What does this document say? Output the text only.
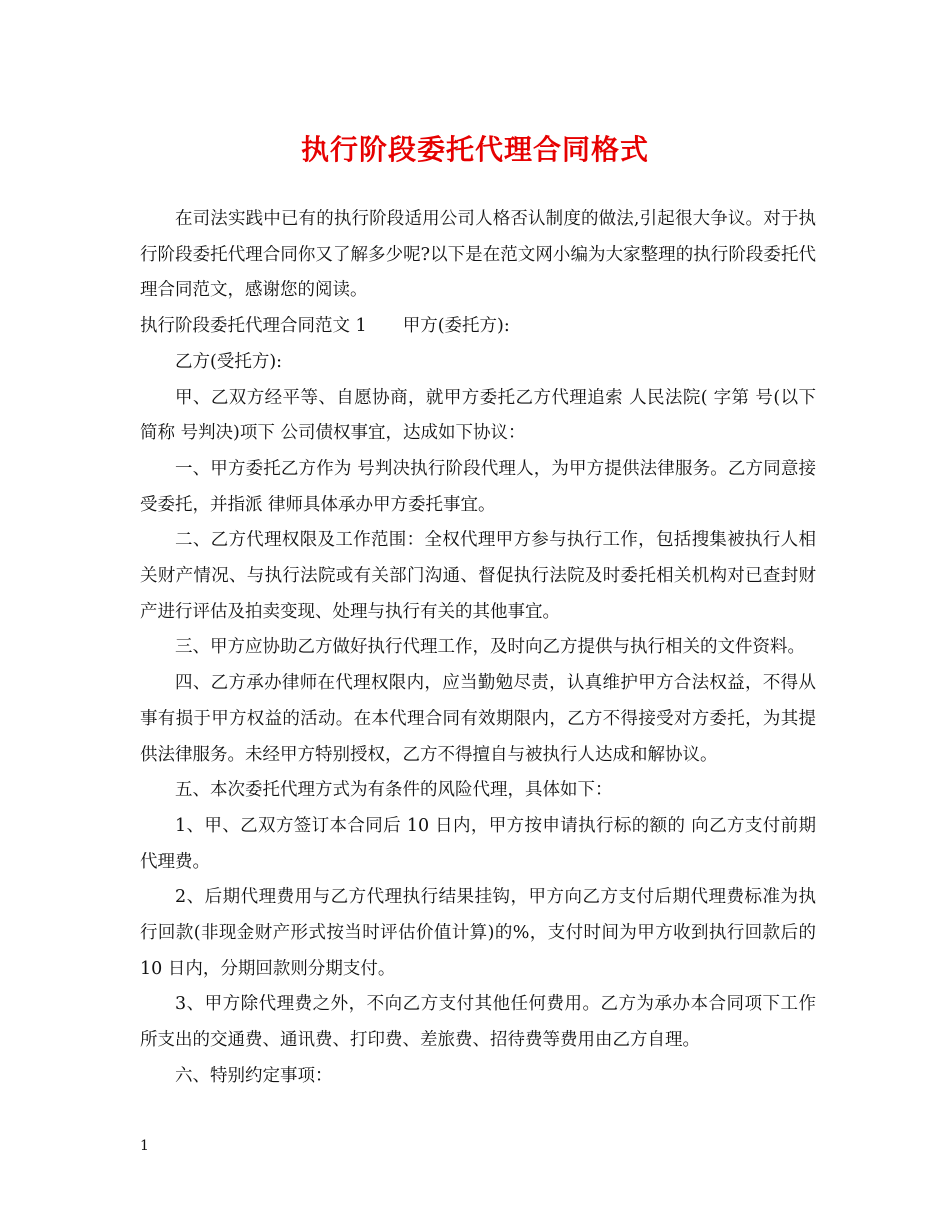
执行阶段委托代理合同格式

在司法实践中已有的执行阶段适用公司人格否认制度的做法,引起很大争议。对于执行阶段委托代理合同你又了解多少呢?以下是在范文网小编为大家整理的执行阶段委托代理合同范文，感谢您的阅读。

执行阶段委托代理合同范文 1 甲方(委托方):

乙方(受托方):

甲、乙双方经平等、自愿协商，就甲方委托乙方代理追索 人民法院( 字第 号(以下简称 号判决)项下 公司债权事宜，达成如下协议：

一、甲方委托乙方作为 号判决执行阶段代理人，为甲方提供法律服务。乙方同意接受委托，并指派 律师具体承办甲方委托事宜。

二、乙方代理权限及工作范围：全权代理甲方参与执行工作，包括搜集被执行人相关财产情况、与执行法院或有关部门沟通、督促执行法院及时委托相关机构对已查封财产进行评估及拍卖变现、处理与执行有关的其他事宜。

三、甲方应协助乙方做好执行代理工作，及时向乙方提供与执行相关的文件资料。

四、乙方承办律师在代理权限内，应当勤勉尽责，认真维护甲方合法权益，不得从事有损于甲方权益的活动。在本代理合同有效期限内，乙方不得接受对方委托，为其提供法律服务。未经甲方特别授权，乙方不得擅自与被执行人达成和解协议。

五、本次委托代理方式为有条件的风险代理，具体如下：

1、甲、乙双方签订本合同后 10 日内，甲方按申请执行标的额的 向乙方支付前期代理费。

2、后期代理费用与乙方代理执行结果挂钩，甲方向乙方支付后期代理费标准为执行回款(非现金财产形式按当时评估价值计算)的%，支付时间为甲方收到执行回款后的 10 日内，分期回款则分期支付。

3、甲方除代理费之外，不向乙方支付其他任何费用。乙方为承办本合同项下工作所支出的交通费、通讯费、打印费、差旅费、招待费等费用由乙方自理。

六、特别约定事项：

1
